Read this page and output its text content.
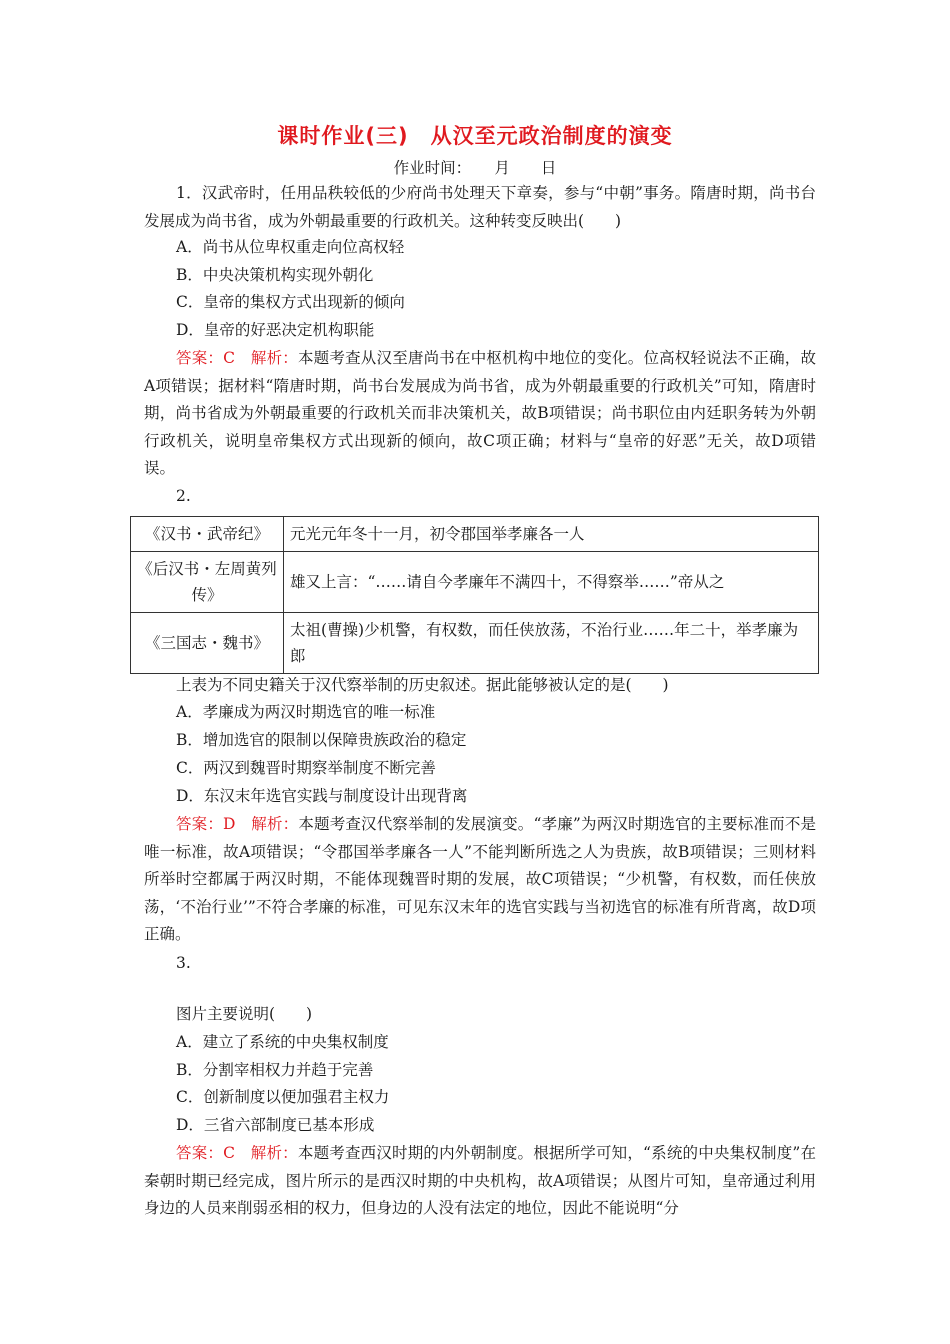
课时作业(三)　从汉至元政治制度的演变
作业时间：　　月　　日

1．汉武帝时，任用品秩较低的少府尚书处理天下章奏，参与“中朝”事务。隋唐时期，尚书台发展成为尚书省，成为外朝最重要的行政机关。这种转变反映出(　　)

A．尚书从位卑权重走向位高权轻

B．中央决策机构实现外朝化

C．皇帝的集权方式出现新的倾向

D．皇帝的好恶决定机构职能

答案：C　解析：本题考查从汉至唐尚书在中枢机构中地位的变化。位高权轻说法不正确，故A项错误；据材料“隋唐时期，尚书台发展成为尚书省，成为外朝最重要的行政机关”可知，隋唐时期，尚书省成为外朝最重要的行政机关而非决策机关，故B项错误；尚书职位由内廷职务转为外朝行政机关，说明皇帝集权方式出现新的倾向，故C项正确；材料与“皇帝的好恶”无关，故D项错误。

2.

《汉书・武帝纪》	元光元年冬十一月，初令郡国举孝廉各一人
《后汉书・左周黄列传》	雄又上言：“……请自今孝廉年不满四十，不得察举……”帝从之
《三国志・魏书》	太祖(曹操)少机警，有权数，而任侠放荡，不治行业……年二十，举孝廉为郎

上表为不同史籍关于汉代察举制的历史叙述。据此能够被认定的是(　　)

A．孝廉成为两汉时期选官的唯一标准

B．增加选官的限制以保障贵族政治的稳定

C．两汉到魏晋时期察举制度不断完善

D．东汉末年选官实践与制度设计出现背离

答案：D　解析：本题考查汉代察举制的发展演变。“孝廉”为两汉时期选官的主要标准而不是唯一标准，故A项错误；“令郡国举孝廉各一人”不能判断所选之人为贵族，故B项错误；三则材料所举时空都属于两汉时期，不能体现魏晋时期的发展，故C项错误；“少机警，有权数，而任侠放荡，‘不治行业’”不符合孝廉的标准，可见东汉末年的选官实践与当初选官的标准有所背离，故D项正确。

3.

图片主要说明(　　)

A．建立了系统的中央集权制度

B．分割宰相权力并趋于完善

C．创新制度以便加强君主权力

D．三省六部制度已基本形成

答案：C　解析：本题考查西汉时期的内外朝制度。根据所学可知，“系统的中央集权制度”在秦朝时期已经完成，图片所示的是西汉时期的中央机构，故A项错误；从图片可知，皇帝通过利用身边的人员来削弱丞相的权力，但身边的人没有法定的地位，因此不能说明“分
